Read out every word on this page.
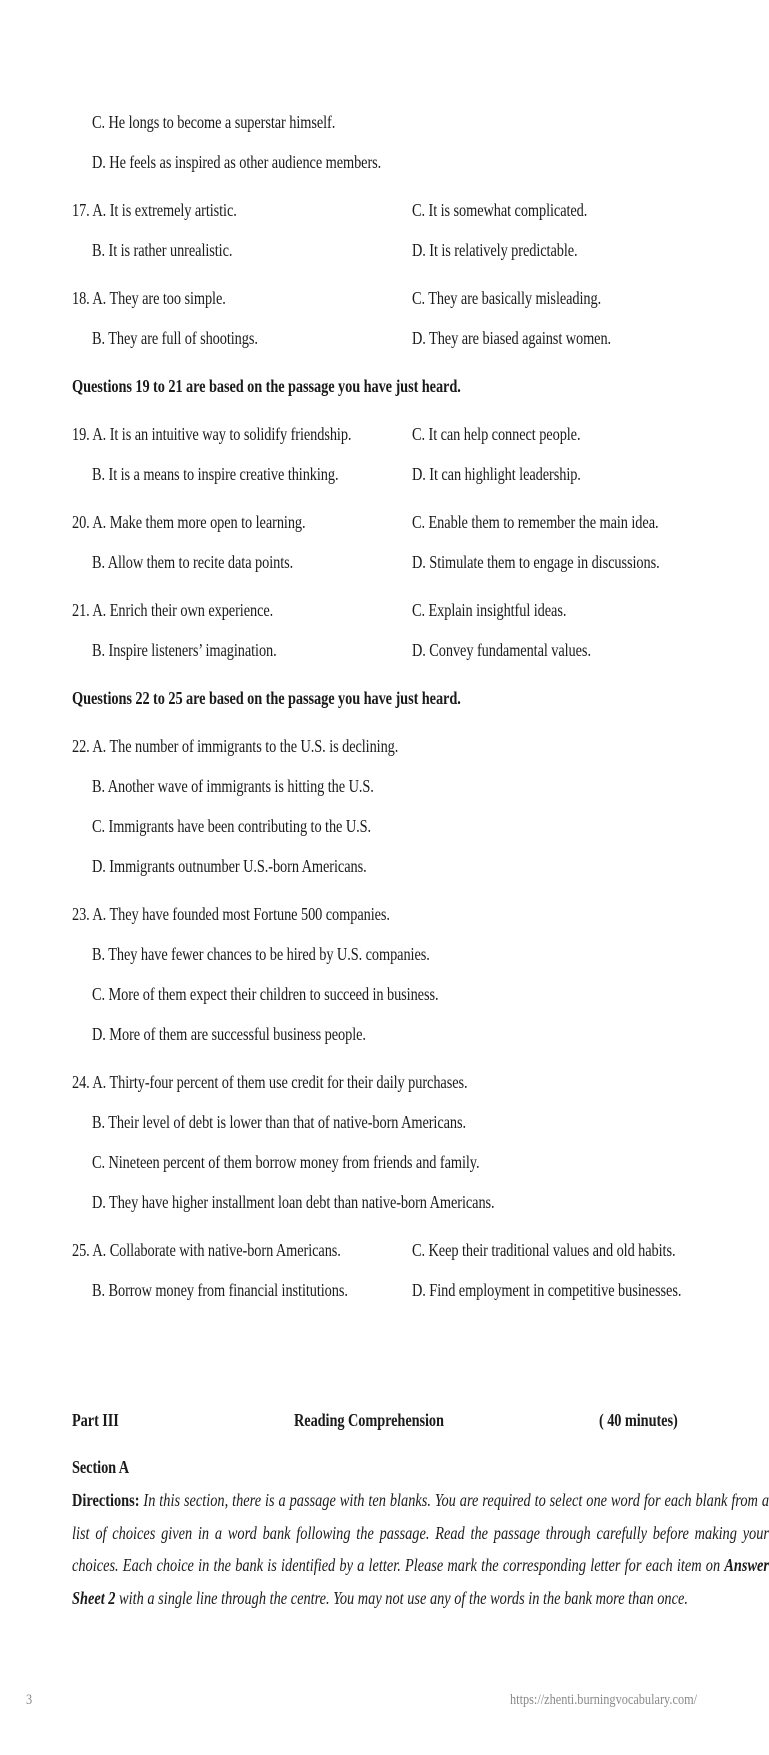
C. He longs to become a superstar himself.
D. He feels as inspired as other audience members.
17. A. It is extremely artistic.	C. It is somewhat complicated.
B. It is rather unrealistic.	D. It is relatively predictable.
18. A. They are too simple.	C. They are basically misleading.
B. They are full of shootings.	D. They are biased against women.
Questions 19 to 21 are based on the passage you have just heard.
19. A. It is an intuitive way to solidify friendship.	C. It can help connect people.
B. It is a means to inspire creative thinking.	D. It can highlight leadership.
20. A. Make them more open to learning.	C. Enable them to remember the main idea.
B. Allow them to recite data points.	D. Stimulate them to engage in discussions.
21. A. Enrich their own experience.	C. Explain insightful ideas.
B. Inspire listeners’ imagination.	D. Convey fundamental values.
Questions 22 to 25 are based on the passage you have just heard.
22. A. The number of immigrants to the U.S. is declining.
B. Another wave of immigrants is hitting the U.S.
C. Immigrants have been contributing to the U.S.
D. Immigrants outnumber U.S.-born Americans.
23. A. They have founded most Fortune 500 companies.
B. They have fewer chances to be hired by U.S. companies.
C. More of them expect their children to succeed in business.
D. More of them are successful business people.
24. A. Thirty-four percent of them use credit for their daily purchases.
B. Their level of debt is lower than that of native-born Americans.
C. Nineteen percent of them borrow money from friends and family.
D. They have higher installment loan debt than native-born Americans.
25. A. Collaborate with native-born Americans.	C. Keep their traditional values and old habits.
B. Borrow money from financial institutions.	D. Find employment in competitive businesses.
Part III	Reading Comprehension	( 40 minutes)
Section A
Directions: In this section, there is a passage with ten blanks. You are required to select one word for each blank from a list of choices given in a word bank following the passage. Read the passage through carefully before making your choices. Each choice in the bank is identified by a letter. Please mark the corresponding letter for each item on Answer Sheet 2 with a single line through the centre. You may not use any of the words in the bank more than once.
3	https://zhenti.burningvocabulary.com/
